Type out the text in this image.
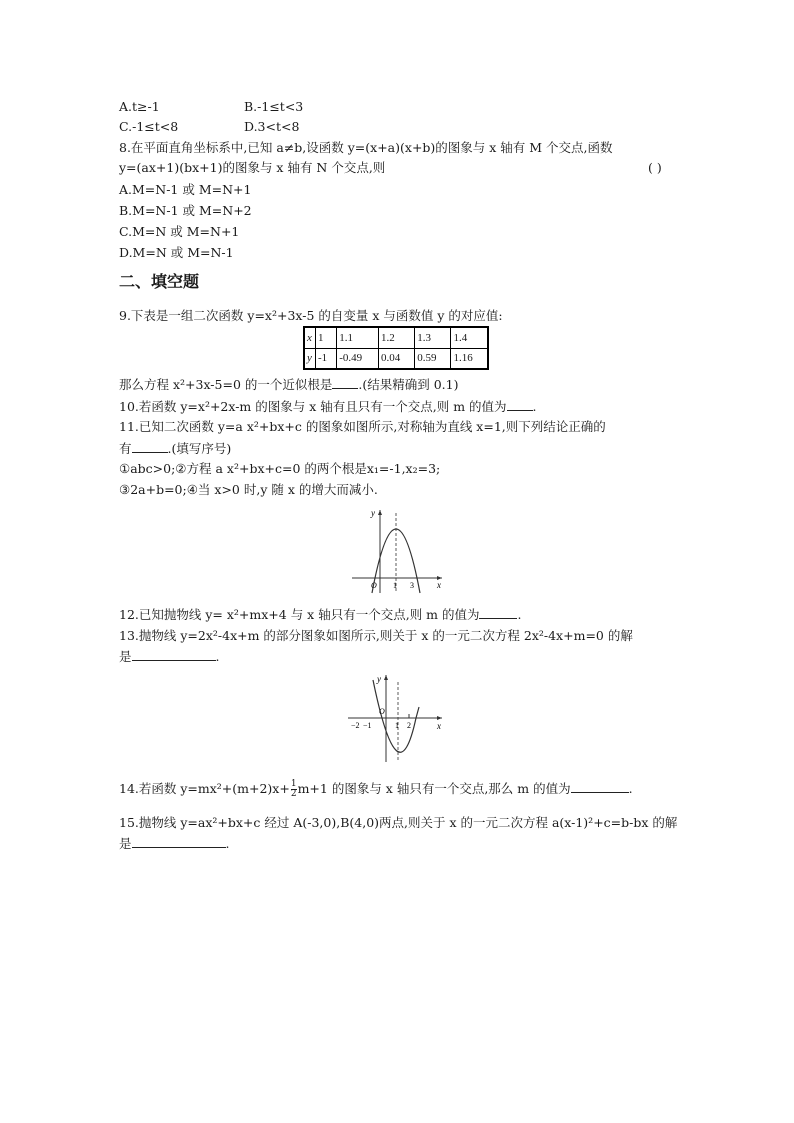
A.t≥-1	B.-1≤t<3
C.-1≤t<8	D.3<t<8
8.在平面直角坐标系中,已知 a≠b,设函数 y=(x+a)(x+b)的图象与 x 轴有 M 个交点,函数
y=(ax+1)(bx+1)的图象与 x 轴有 N 个交点,则	( )
A.M=N-1 或 M=N+1
B.M=N-1 或 M=N+2
C.M=N 或 M=N+1
D.M=N 或 M=N-1
二、填空题
9.下表是一组二次函数 y=x²+3x-5 的自变量 x 与函数值 y 的对应值:
x	1	1.1	1.2	1.3	1.4
y	-1	-0.49	0.04	0.59	1.16
那么方程 x²+3x-5=0 的一个近似根是 .(结果精确到 0.1)
10.若函数 y=x²+2x-m 的图象与 x 轴有且只有一个交点,则 m 的值为 .
11.已知二次函数 y=a x²+bx+c 的图象如图所示,对称轴为直线 x=1,则下列结论正确的
有	.(填写序号)
①abc>0;②方程 a x²+bx+c=0 的两个根是x₁=-1,x₂=3;
③2a+b=0;④当 x>0 时,y 随 x 的增大而减小.
y
x
O 1 3
12.已知抛物线 y= x²+mx+4 与 x 轴只有一个交点,则 m 的值为	.
13.抛物线 y=2x²-4x+m 的部分图象如图所示,则关于 x 的一元二次方程 2x²-4x+m=0 的解
是	.
y
x
O
−2 −1	1 2
14.若函数 $y=mx^2+(m+2)x+ \frac{1}{2} m+1$ 的图象与 x 轴只有一个交点,那么 m 的值为	.
15.抛物线 y=ax²+bx+c 经过 A(-3,0),B(4,0)两点,则关于 x 的一元二次方程 a(x-1)²+c=b-bx 的解
是	.
